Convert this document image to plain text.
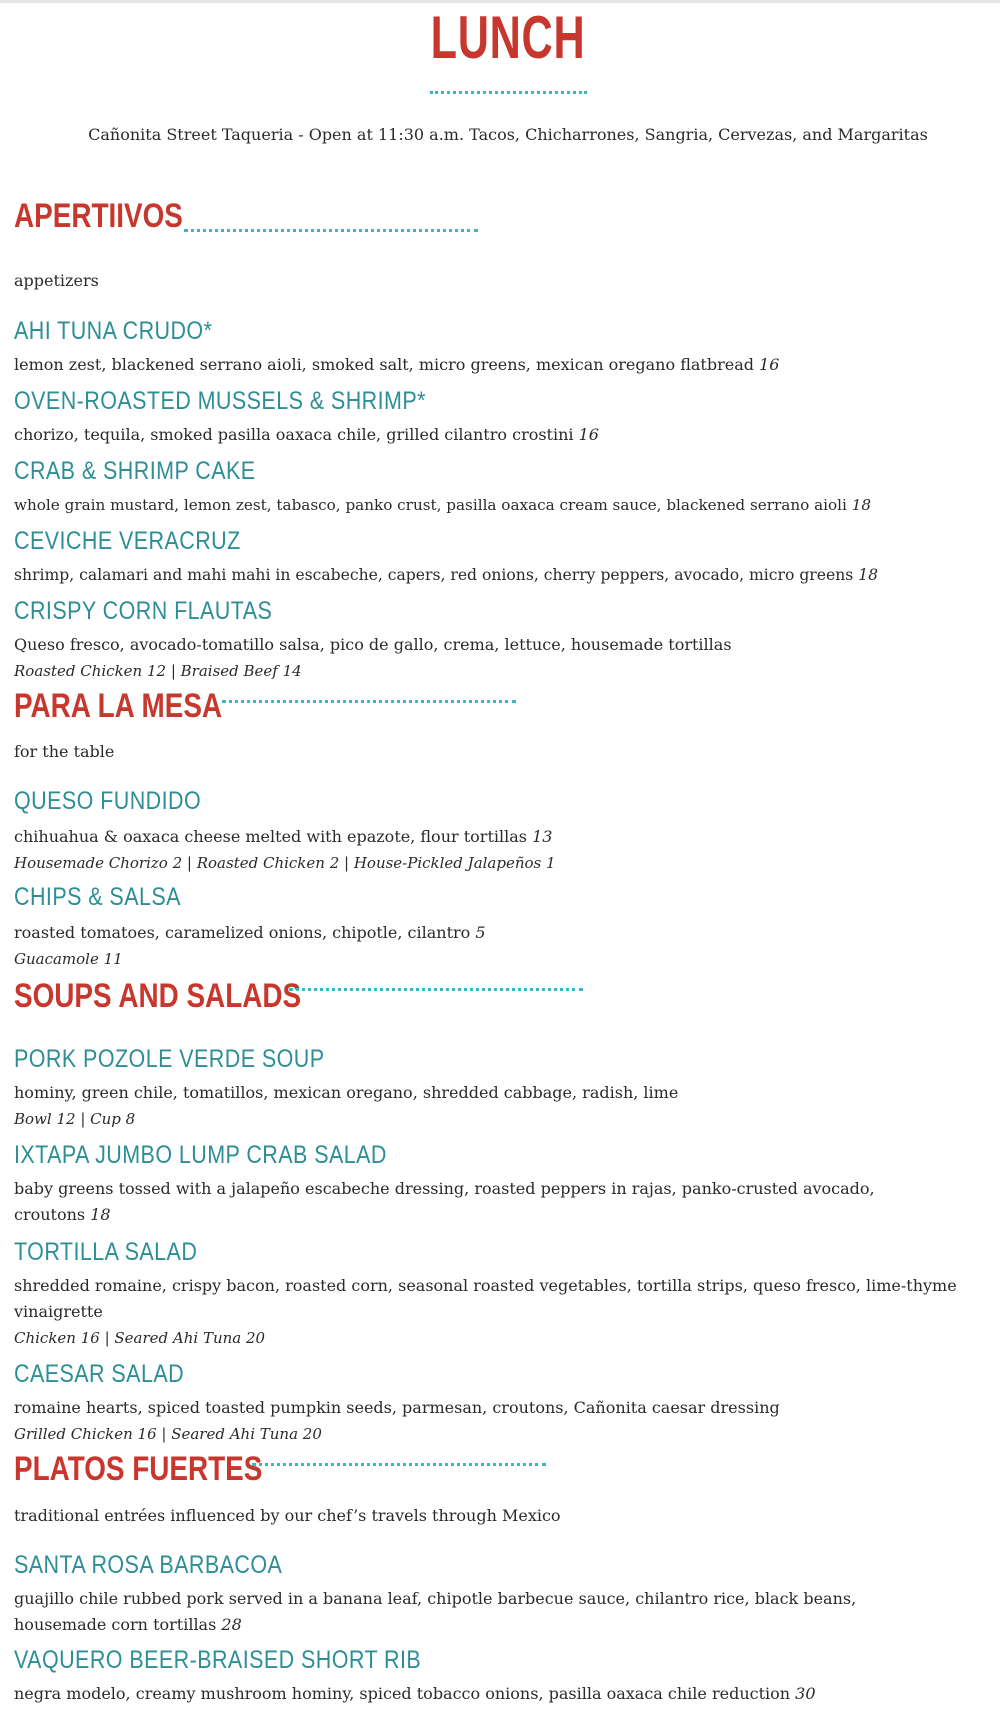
LUNCH
Cañonita Street Taqueria - Open at 11:30 a.m. Tacos, Chicharrones, Sangria, Cervezas, and Margaritas
APERTIIVOS
appetizers
AHI TUNA CRUDO*
lemon zest, blackened serrano aioli, smoked salt, micro greens, mexican oregano flatbread 16
OVEN-ROASTED MUSSELS & SHRIMP*
chorizo, tequila, smoked pasilla oaxaca chile, grilled cilantro crostini 16
CRAB & SHRIMP CAKE
whole grain mustard, lemon zest, tabasco, panko crust, pasilla oaxaca cream sauce, blackened serrano aioli 18
CEVICHE VERACRUZ
shrimp, calamari and mahi mahi in escabeche, capers, red onions, cherry peppers, avocado, micro greens 18
CRISPY CORN FLAUTAS
Queso fresco, avocado-tomatillo salsa, pico de gallo, crema, lettuce, housemade tortillas
Roasted Chicken 12 | Braised Beef 14
PARA LA MESA
for the table
QUESO FUNDIDO
chihuahua & oaxaca cheese melted with epazote, flour tortillas 13
Housemade Chorizo 2 | Roasted Chicken 2 | House-Pickled Jalapeños 1
CHIPS & SALSA
roasted tomatoes, caramelized onions, chipotle, cilantro 5
Guacamole 11
SOUPS AND SALADS
PORK POZOLE VERDE SOUP
hominy, green chile, tomatillos, mexican oregano, shredded cabbage, radish, lime
Bowl 12 | Cup 8
IXTAPA JUMBO LUMP CRAB SALAD
baby greens tossed with a jalapeño escabeche dressing, roasted peppers in rajas, panko-crusted avocado, croutons 18
TORTILLA SALAD
shredded romaine, crispy bacon, roasted corn, seasonal roasted vegetables, tortilla strips, queso fresco, lime-thyme vinaigrette
Chicken 16 | Seared Ahi Tuna 20
CAESAR SALAD
romaine hearts, spiced toasted pumpkin seeds, parmesan, croutons, Cañonita caesar dressing
Grilled Chicken 16 | Seared Ahi Tuna 20
PLATOS FUERTES
traditional entrées influenced by our chef’s travels through Mexico
SANTA ROSA BARBACOA
guajillo chile rubbed pork served in a banana leaf, chipotle barbecue sauce, chilantro rice, black beans, housemade corn tortillas 28
VAQUERO BEER-BRAISED SHORT RIB
negra modelo, creamy mushroom hominy, spiced tobacco onions, pasilla oaxaca chile reduction 30
